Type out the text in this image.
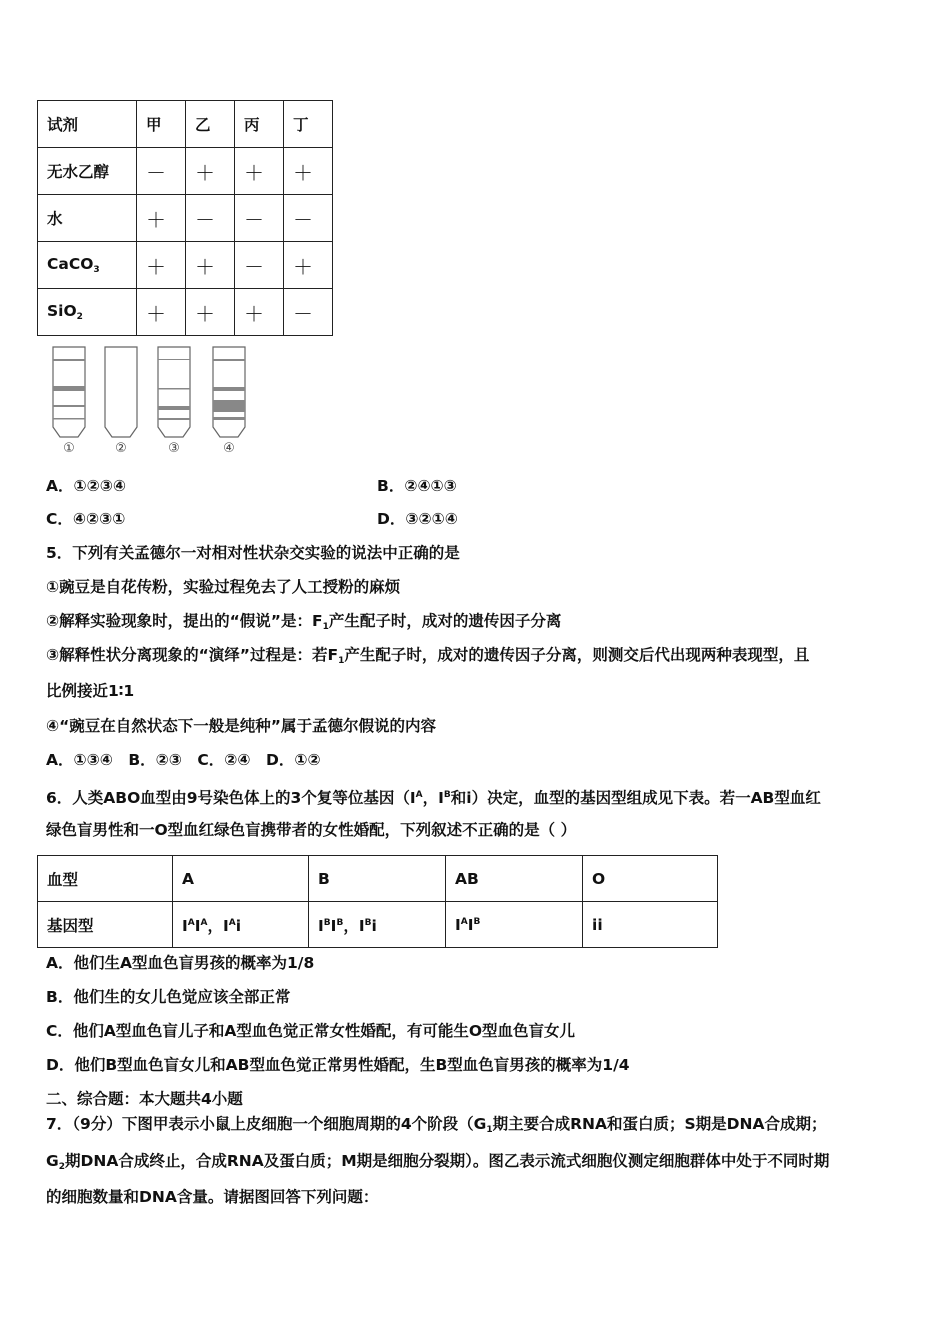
试剂	甲	乙	丙	丁
无水乙醇	－	＋	＋	＋
水	＋	－	－	－
CaCO$_3$	＋	＋	－	＋
SiO$_2$	＋	＋	＋	－
①	②	③	④
A．①②③④	B．②④①③
C．④②③①	D．③②①④
5．下列有关孟德尔一对相对性状杂交实验的说法中正确的是
①豌豆是自花传粉，实验过程免去了人工授粉的麻烦
②解释实验现象时，提出的“假说”是：$F_1$产生配子时，成对的遗传因子分离
③解释性状分离现象的“演绎”过程是：若$F_1$产生配子时，成对的遗传因子分离，则测交后代出现两种表现型，且
比例接近1∶1
④“豌豆在自然状态下一般是纯种”属于孟德尔假说的内容
A．①③④　B．②③　C．②④　D．①②
6．人类ABO血型由9号染色体上的3个复等位基因（$I^A$，$I^B$和i）决定，血型的基因型组成见下表。若一AB型血红
绿色盲男性和一O型血红绿色盲携带者的女性婚配，下列叙述不正确的是（ ）
血型	A	B	AB	O
基因型	$I^AI^A$，$I^Ai$	$I^BI^B$，$I^Bi$	$I^AI^B$	ii
A．他们生A型血色盲男孩的概率为1/8
B．他们生的女儿色觉应该全部正常
C．他们A型血色盲儿子和A型血色觉正常女性婚配，有可能生O型血色盲女儿
D．他们B型血色盲女儿和AB型血色觉正常男性婚配，生B型血色盲男孩的概率为1/4
二、综合题：本大题共4小题
7．（9分）下图甲表示小鼠上皮细胞一个细胞周期的4个阶段（$G_1$期主要合成RNA和蛋白质；S期是DNA合成期；
$G_2$期DNA合成终止，合成RNA及蛋白质；M期是细胞分裂期）。图乙表示流式细胞仪测定细胞群体中处于不同时期
的细胞数量和DNA含量。请据图回答下列问题：
